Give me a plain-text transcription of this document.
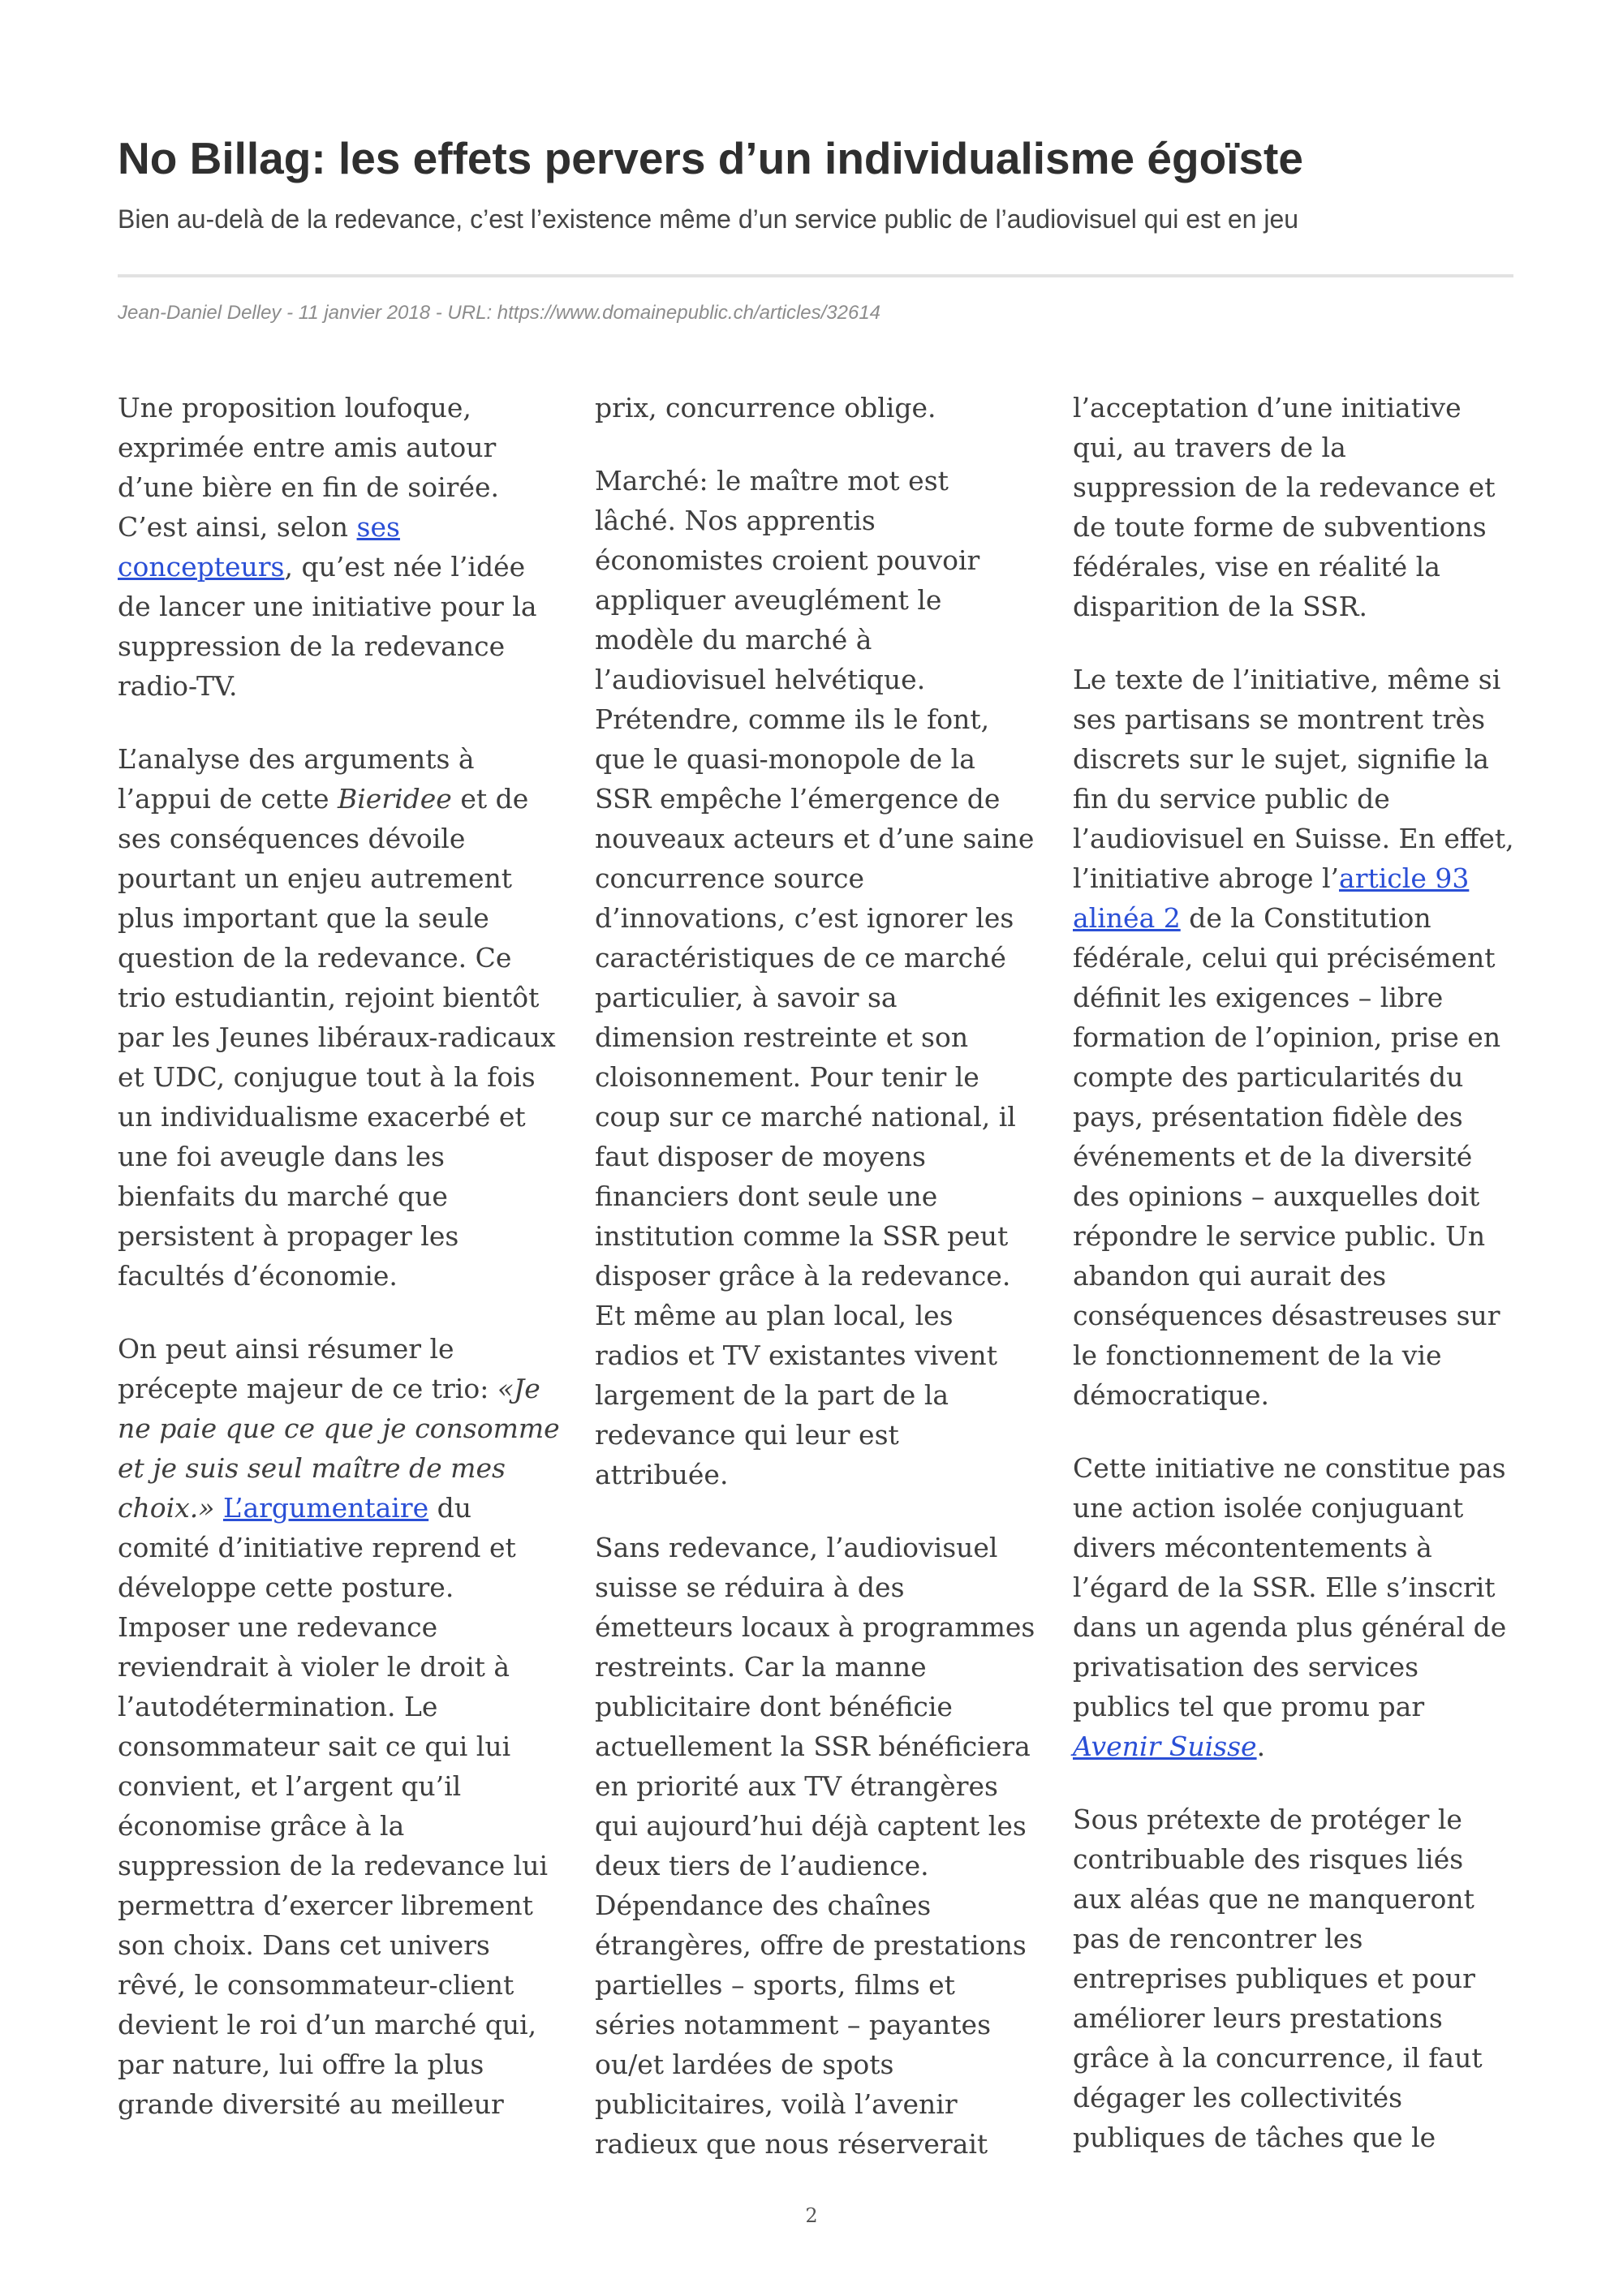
No Billag: les effets pervers d’un individualisme égoïste

Bien au-delà de la redevance, c’est l’existence même d’un service public de l’audiovisuel qui est en jeu

Jean-Daniel Delley - 11 janvier 2018 - URL: https://www.domainepublic.ch/articles/32614

Une proposition loufoque, exprimée entre amis autour d’une bière en fin de soirée. C’est ainsi, selon ses concepteurs, qu’est née l’idée de lancer une initiative pour la suppression de la redevance radio-TV.

L’analyse des arguments à l’appui de cette Bieridee et de ses conséquences dévoile pourtant un enjeu autrement plus important que la seule question de la redevance. Ce trio estudiantin, rejoint bientôt par les Jeunes libéraux-radicaux et UDC, conjugue tout à la fois un individualisme exacerbé et une foi aveugle dans les bienfaits du marché que persistent à propager les facultés d’économie.

On peut ainsi résumer le précepte majeur de ce trio: «Je ne paie que ce que je consomme et je suis seul maître de mes choix.» L’argumentaire du comité d’initiative reprend et développe cette posture. Imposer une redevance reviendrait à violer le droit à l’autodétermination. Le consommateur sait ce qui lui convient, et l’argent qu’il économise grâce à la suppression de la redevance lui permettra d’exercer librement son choix. Dans cet univers rêvé, le consommateur-client devient le roi d’un marché qui, par nature, lui offre la plus grande diversité au meilleur

prix, concurrence oblige.

Marché: le maître mot est lâché. Nos apprentis économistes croient pouvoir appliquer aveuglément le modèle du marché à l’audiovisuel helvétique. Prétendre, comme ils le font, que le quasi-monopole de la SSR empêche l’émergence de nouveaux acteurs et d’une saine concurrence source d’innovations, c’est ignorer les caractéristiques de ce marché particulier, à savoir sa dimension restreinte et son cloisonnement. Pour tenir le coup sur ce marché national, il faut disposer de moyens financiers dont seule une institution comme la SSR peut disposer grâce à la redevance. Et même au plan local, les radios et TV existantes vivent largement de la part de la redevance qui leur est attribuée.

Sans redevance, l’audiovisuel suisse se réduira à des émetteurs locaux à programmes restreints. Car la manne publicitaire dont bénéficie actuellement la SSR bénéficiera en priorité aux TV étrangères qui aujourd’hui déjà captent les deux tiers de l’audience. Dépendance des chaînes étrangères, offre de prestations partielles – sports, films et séries notamment – payantes ou/et lardées de spots publicitaires, voilà l’avenir radieux que nous réserverait

l’acceptation d’une initiative qui, au travers de la suppression de la redevance et de toute forme de subventions fédérales, vise en réalité la disparition de la SSR.

Le texte de l’initiative, même si ses partisans se montrent très discrets sur le sujet, signifie la fin du service public de l’audiovisuel en Suisse. En effet, l’initiative abroge l’article 93 alinéa 2 de la Constitution fédérale, celui qui précisément définit les exigences – libre formation de l’opinion, prise en compte des particularités du pays, présentation fidèle des événements et de la diversité des opinions – auxquelles doit répondre le service public. Un abandon qui aurait des conséquences désastreuses sur le fonctionnement de la vie démocratique.

Cette initiative ne constitue pas une action isolée conjuguant divers mécontentements à l’égard de la SSR. Elle s’inscrit dans un agenda plus général de privatisation des services publics tel que promu par Avenir Suisse.

Sous prétexte de protéger le contribuable des risques liés aux aléas que ne manqueront pas de rencontrer les entreprises publiques et pour améliorer leurs prestations grâce à la concurrence, il faut dégager les collectivités publiques de tâches que le

2
